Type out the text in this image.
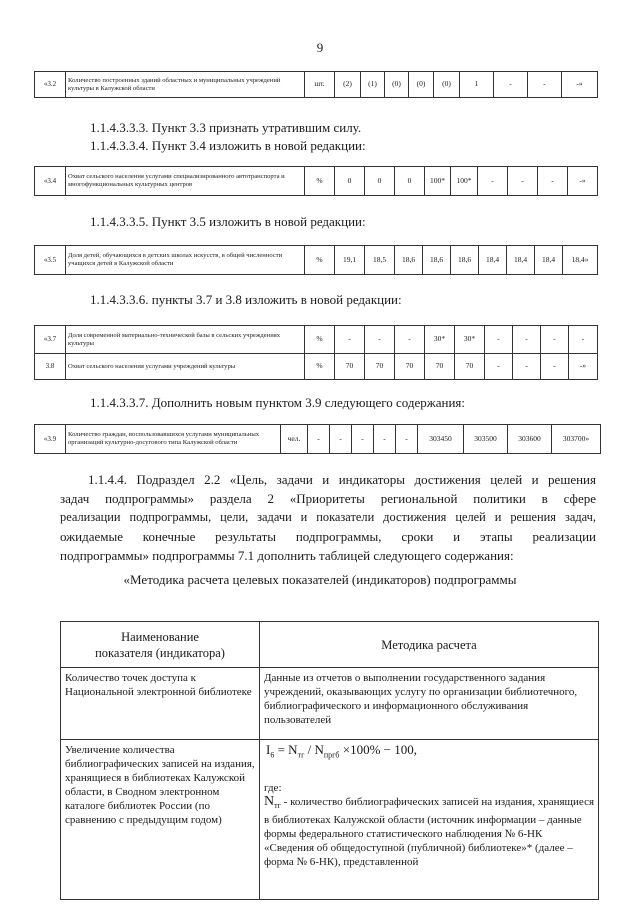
9
«3.2	Количество построенных зданий областных и муниципальных учреждений культуры в Калужской области	шт.	(2)	(1)	(0)	(0)	(0)	1	-	-	-»
1.1.4.3.3.3. Пункт 3.3 признать утратившим силу.
1.1.4.3.3.4. Пункт 3.4 изложить в новой редакции:
«3.4	Охват сельского населения услугами специализированного автотранспорта и многофункциональных культурных центров	%	0	0	0	100*	100*	-	-	-	-»
1.1.4.3.3.5. Пункт 3.5 изложить в новой редакции:
«3.5	Доля детей, обучающихся в детских школах искусств, в общей численности учащихся детей в Калужской области	%	19,1	18,5	18,6	18,6	18,6	18,4	18,4	18,4	18,4»
1.1.4.3.3.6. пункты 3.7 и 3.8 изложить в новой редакции:
«3.7	Доля современной материально-технической базы в сельских учреждениях культуры	%	-	-	-	30*	30*	-	-	-	-
3.8	Охват сельского населения услугами учреждений культуры	%	70	70	70	70	70	-	-	-	-»
1.1.4.3.3.7. Дополнить новым пунктом 3.9 следующего содержания:
«3.9	Количество граждан, воспользовавшихся услугами муниципальных организаций культурно-досугового типа Калужской области	чел.	-	-	-	-	-	303450	303500	303600	303700»
1.1.4.4. Подраздел 2.2 «Цель, задачи и индикаторы достижения целей и решения
задач подпрограммы» раздела 2 «Приоритеты региональной политики в сфере
реализации подпрограммы, цели, задачи и показатели достижения целей и решения задач,
ожидаемые конечные результаты подпрограммы, сроки и этапы реализации
подпрограммы» подпрограммы 7.1 дополнить таблицей следующего содержания:
«Методика расчета целевых показателей (индикаторов) подпрограммы
Наименование показателя (индикатора)	Методика расчета
Количество точек доступа к Национальной электронной библиотеке	Данные из отчетов о выполнении государственного задания учреждений, оказывающих услугу по организации библиотечного, библиографического и информационного обслуживания пользователей
Увеличение количества библиографических записей на издания, хранящиеся в библиотеках Калужской области, в Сводном электронном каталоге библиотек России (по сравнению с предыдущим годом)	$I_6 = N_{тг} / N_{пргб} \times 100\% - 100$,
где:
$N_{тг}$ - количество библиографических записей на издания, хранящиеся в библиотеках Калужской области (источник информации – данные формы федерального статистического наблюдения № 6-НК «Сведения об общедоступной (публичной) библиотеке»* (далее – форма № 6-НК), представленной
